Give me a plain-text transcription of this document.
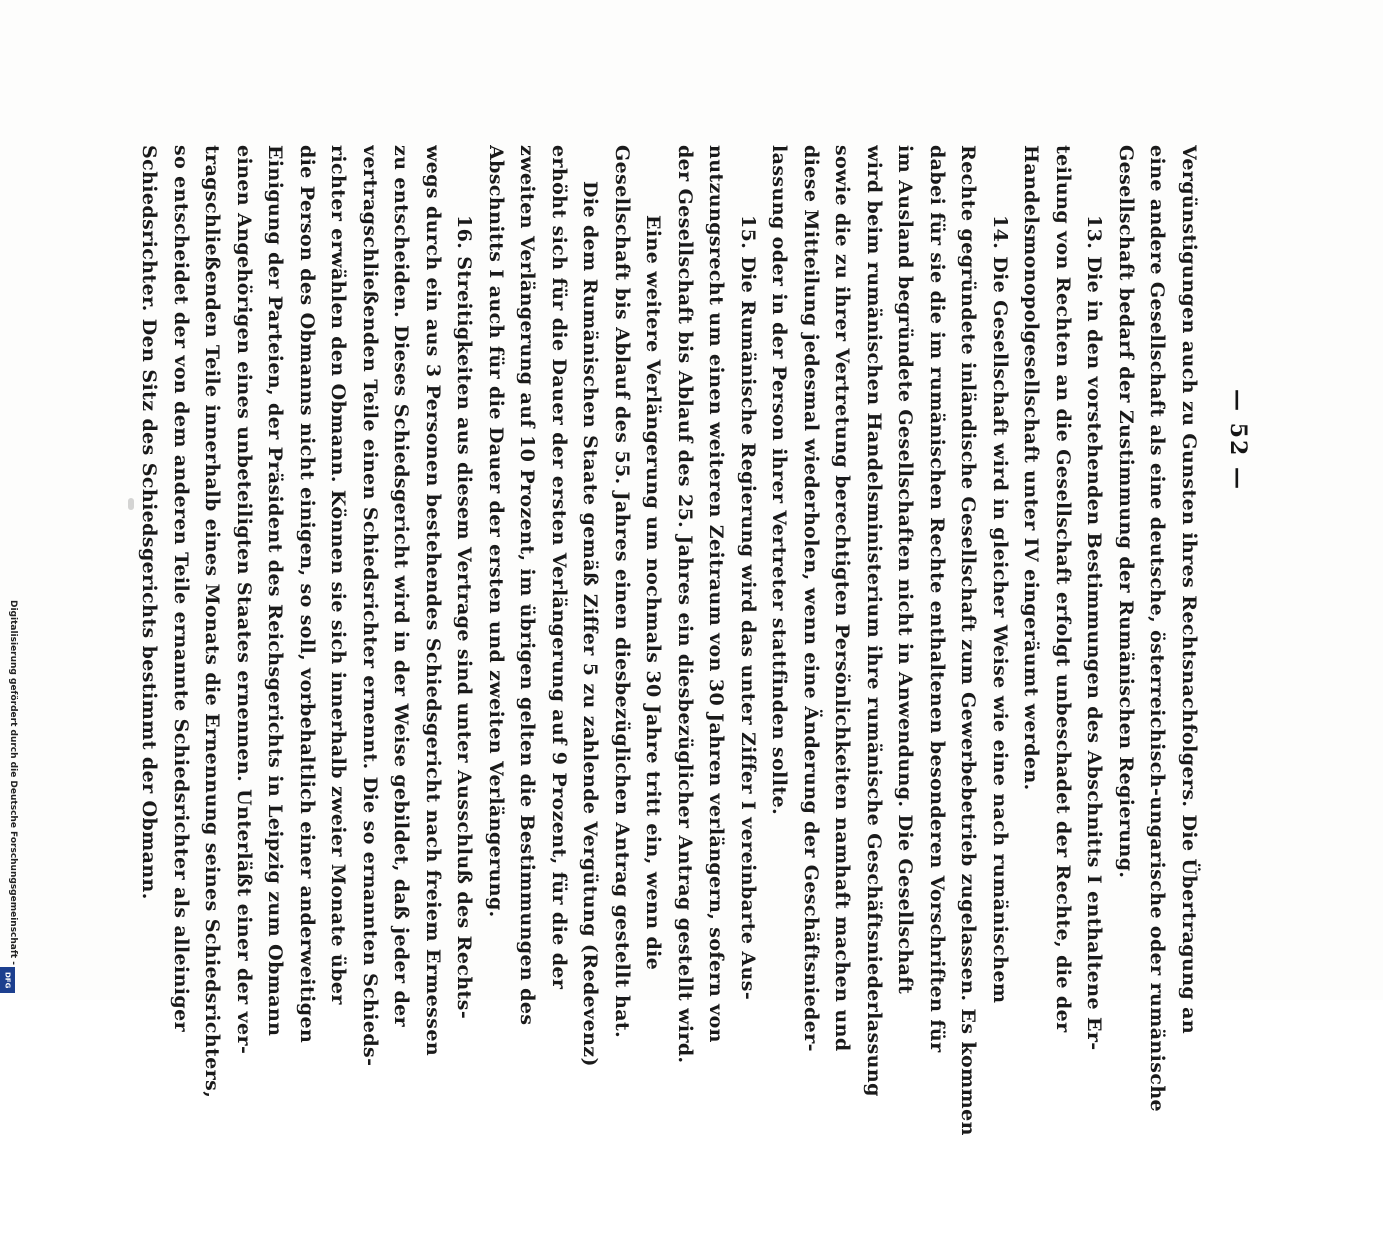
— 52 —
Vergünstigungen auch zu Gunsten ihres Rechtsnachfolgers. Die Übertragung an
eine andere Gesellschaft als eine deutsche, österreichisch-ungarische oder rumänische
Gesellschaft bedarf der Zustimmung der Rumänischen Regierung.
13. Die in den vorstehenden Bestimmungen des Abschnitts I enthaltene Er-
teilung von Rechten an die Gesellschaft erfolgt unbeschadet der Rechte, die der
Handelsmonopolgesellschaft unter IV eingeräumt werden.
14. Die Gesellschaft wird in gleicher Weise wie eine nach rumänischem
Rechte gegründete inländische Gesellschaft zum Gewerbebetrieb zugelassen. Es kommen
dabei für sie die im rumänischen Rechte enthaltenen besonderen Vorschriften für
im Ausland begründete Gesellschaften nicht in Anwendung. Die Gesellschaft
wird beim rumänischen Handelsministerium ihre rumänische Geschäftsniederlassung
sowie die zu ihrer Vertretung berechtigten Persönlichkeiten namhaft machen und
diese Mitteilung jedesmal wiederholen, wenn eine Änderung der Geschäftsnieder-
lassung oder in der Person ihrer Vertreter stattfinden sollte.
15. Die Rumänische Regierung wird das unter Ziffer I vereinbarte Aus-
nutzungsrecht um einen weiteren Zeitraum von 30 Jahren verlängern, sofern von
der Gesellschaft bis Ablauf des 25. Jahres ein diesbezüglicher Antrag gestellt wird.
Eine weitere Verlängerung um nochmals 30 Jahre tritt ein, wenn die
Gesellschaft bis Ablauf des 55. Jahres einen diesbezüglichen Antrag gestellt hat.
Die dem Rumänischen Staate gemäß Ziffer 5 zu zahlende Vergütung (Redevenz)
erhöht sich für die Dauer der ersten Verlängerung auf 9 Prozent, für die der
zweiten Verlängerung auf 10 Prozent, im übrigen gelten die Bestimmungen des
Abschnitts I auch für die Dauer der ersten und zweiten Verlängerung.
16. Streitigkeiten aus diesem Vertrage sind unter Ausschluß des Rechts-
wegs durch ein aus 3 Personen bestehendes Schiedsgericht nach freiem Ermessen
zu entscheiden. Dieses Schiedsgericht wird in der Weise gebildet, daß jeder der
vertragschließenden Teile einen Schiedsrichter ernennt. Die so ernannten Schieds-
richter erwählen den Obmann. Können sie sich innerhalb zweier Monate über
die Person des Obmanns nicht einigen, so soll, vorbehaltlich einer anderweitigen
Einigung der Parteien, der Präsident des Reichsgerichts in Leipzig zum Obmann
einen Angehörigen eines unbeteiligten Staates ernennen. Unterläßt einer der ver-
tragschließenden Teile innerhalb eines Monats die Ernennung seines Schiedsrichters,
so entscheidet der von dem anderen Teile ernannte Schiedsrichter als alleiniger
Schiedsrichter. Den Sitz des Schiedsgerichts bestimmt der Obmann.
Digitalisierung gefördert durch die Deutsche Forschungsgemeinschaft -
DFG
